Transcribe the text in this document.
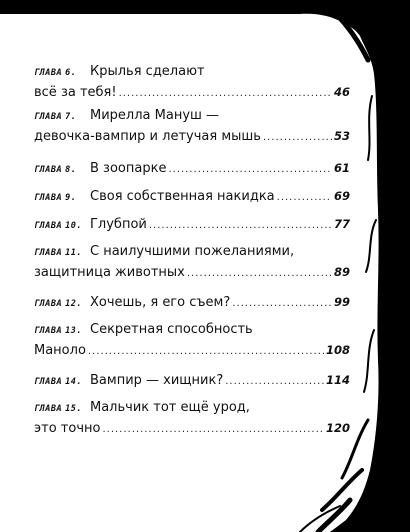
ГЛАВА 6. Крылья сделают
всё за тебя! .....	46
ГЛАВА 7. Мирелла Мануш —
девочка-вампир и летучая мышь .....	53
ГЛАВА 8. В зоопарке .....	61
ГЛАВА 9. Своя собственная накидка .....	69
ГЛАВА 10. Глубпой .....	77
ГЛАВА 11. С наилучшими пожеланиями,
защитница животных .....	89
ГЛАВА 12. Хочешь, я его съем? .....	99
ГЛАВА 13. Секретная способность
Маноло .....	108
ГЛАВА 14. Вампир — хищник? .....	114
ГЛАВА 15. Мальчик тот ещё урод,
это точно .....	120
